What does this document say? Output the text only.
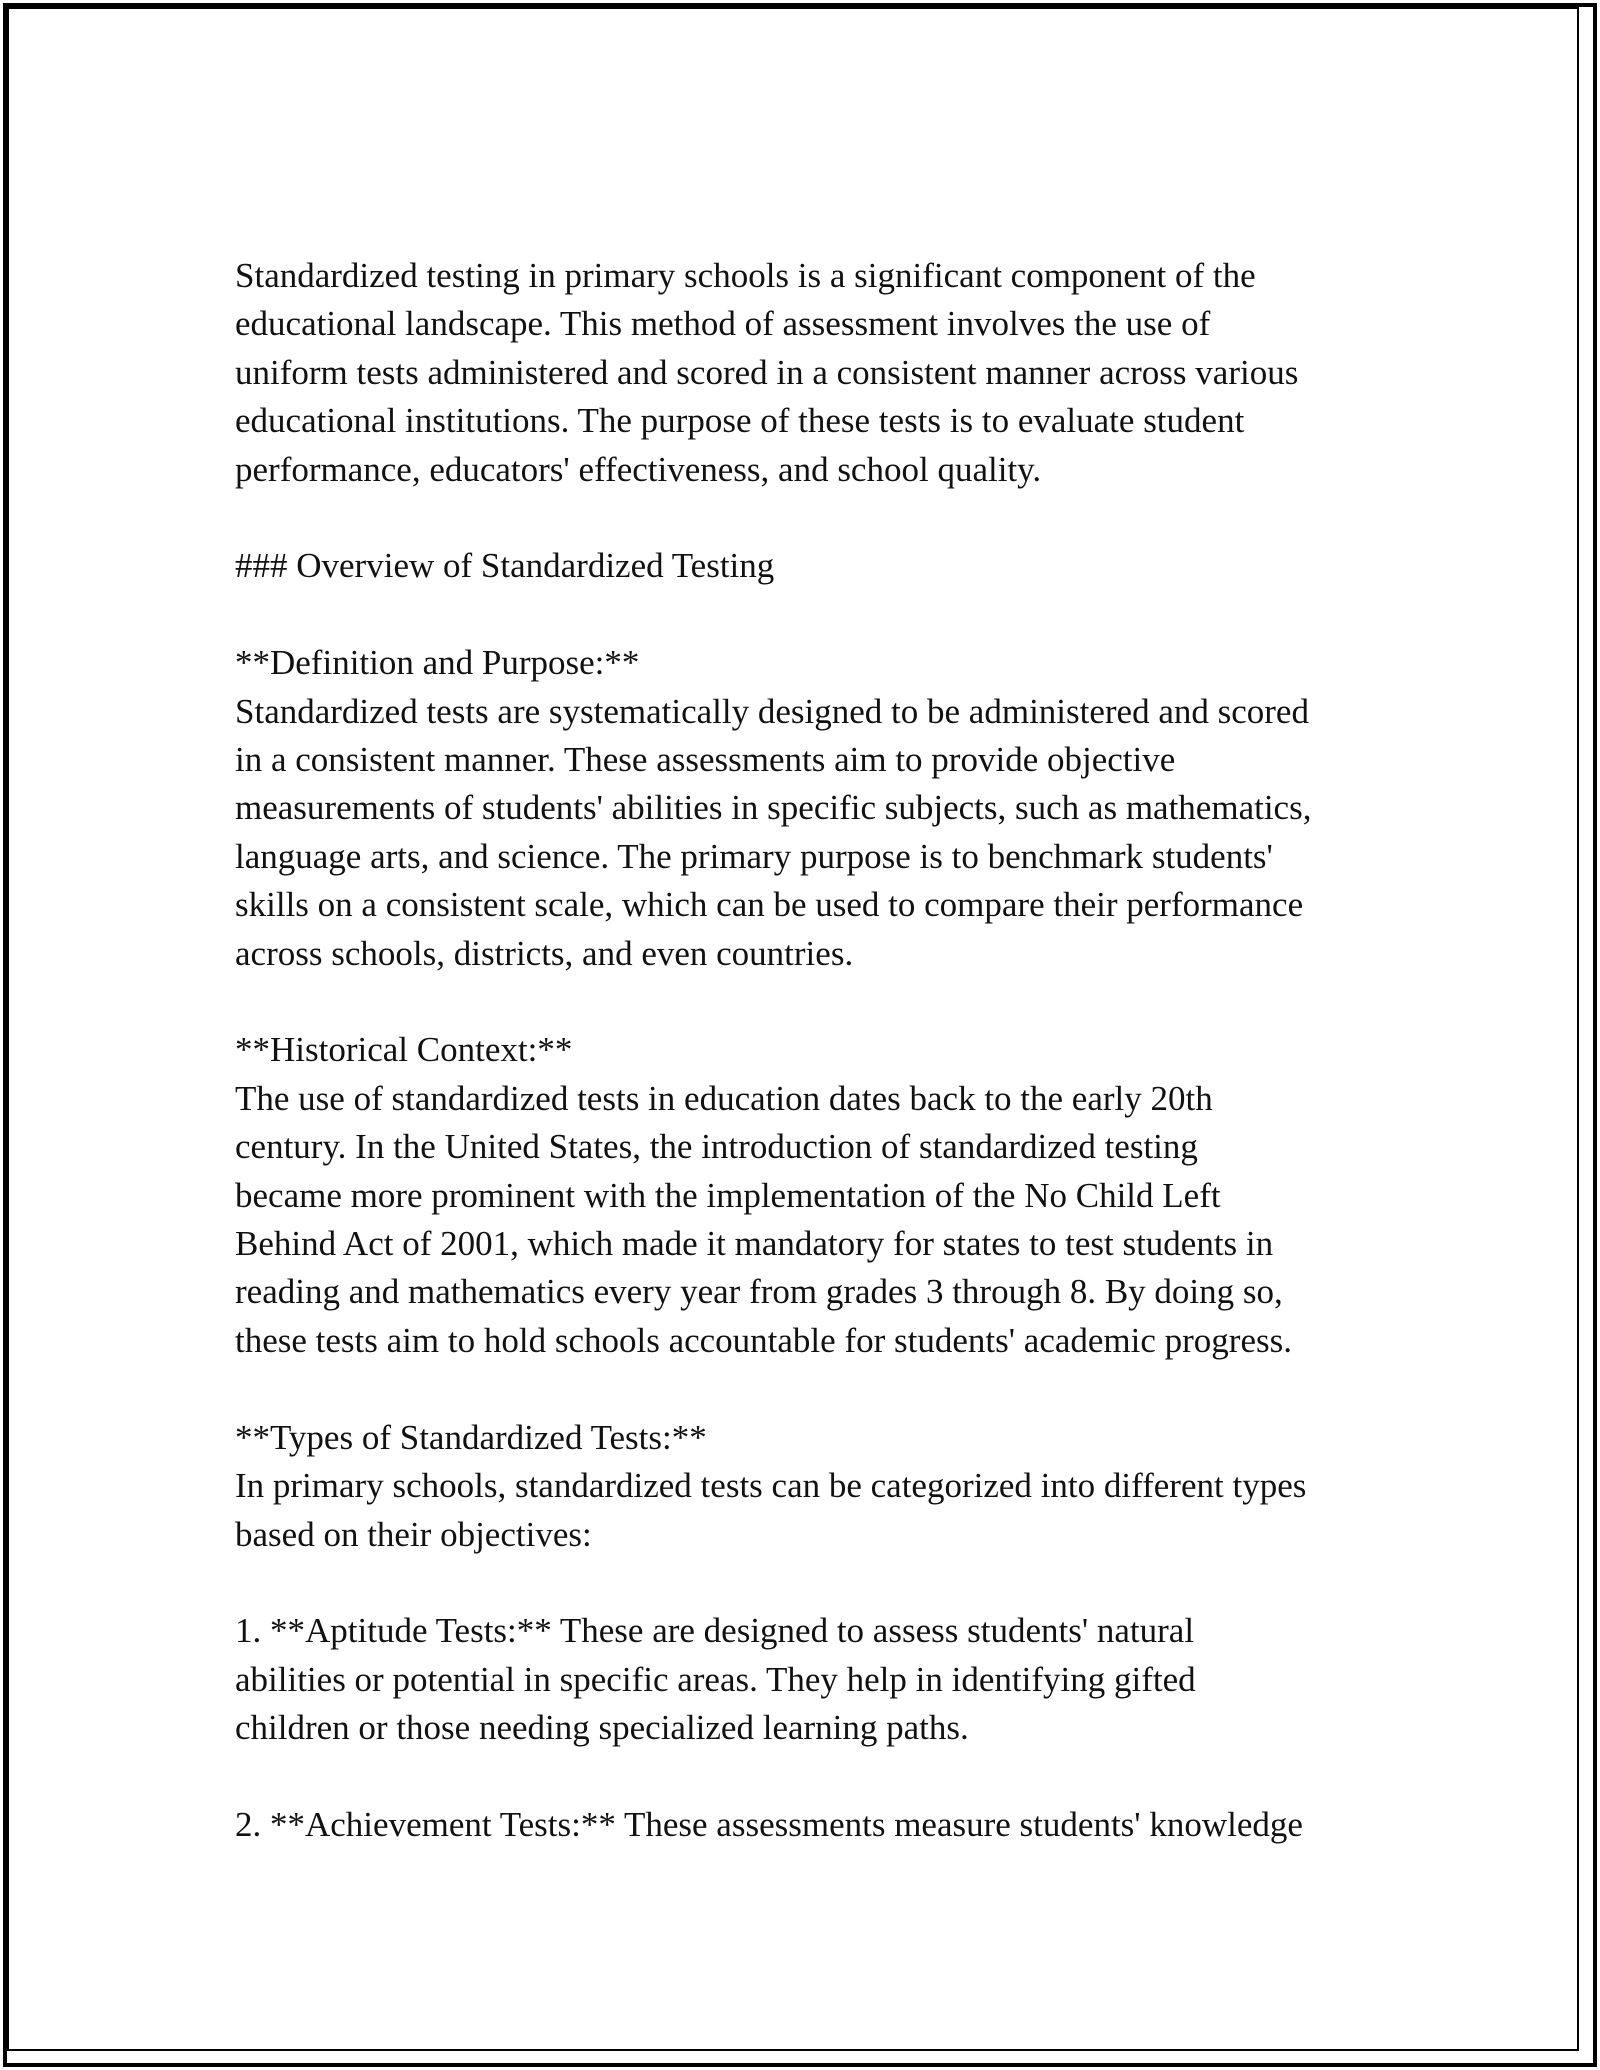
Standardized testing in primary schools is a significant component of the
educational landscape. This method of assessment involves the use of
uniform tests administered and scored in a consistent manner across various
educational institutions. The purpose of these tests is to evaluate student
performance, educators' effectiveness, and school quality.

### Overview of Standardized Testing

**Definition and Purpose:**
Standardized tests are systematically designed to be administered and scored
in a consistent manner. These assessments aim to provide objective
measurements of students' abilities in specific subjects, such as mathematics,
language arts, and science. The primary purpose is to benchmark students'
skills on a consistent scale, which can be used to compare their performance
across schools, districts, and even countries.

**Historical Context:**
The use of standardized tests in education dates back to the early 20th
century. In the United States, the introduction of standardized testing
became more prominent with the implementation of the No Child Left
Behind Act of 2001, which made it mandatory for states to test students in
reading and mathematics every year from grades 3 through 8. By doing so,
these tests aim to hold schools accountable for students' academic progress.

**Types of Standardized Tests:**
In primary schools, standardized tests can be categorized into different types
based on their objectives:

1. **Aptitude Tests:** These are designed to assess students' natural
abilities or potential in specific areas. They help in identifying gifted
children or those needing specialized learning paths.

2. **Achievement Tests:** These assessments measure students' knowledge
